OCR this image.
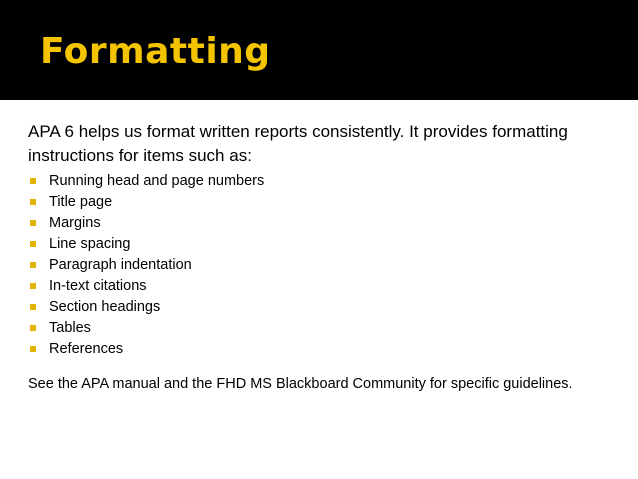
Formatting

APA 6 helps us format written reports consistently. It provides formatting instructions for items such as:

Running head and page numbers
Title page
Margins
Line spacing
Paragraph indentation
In-text citations
Section headings
Tables
References

See the APA manual and the FHD MS Blackboard Community for specific guidelines.
